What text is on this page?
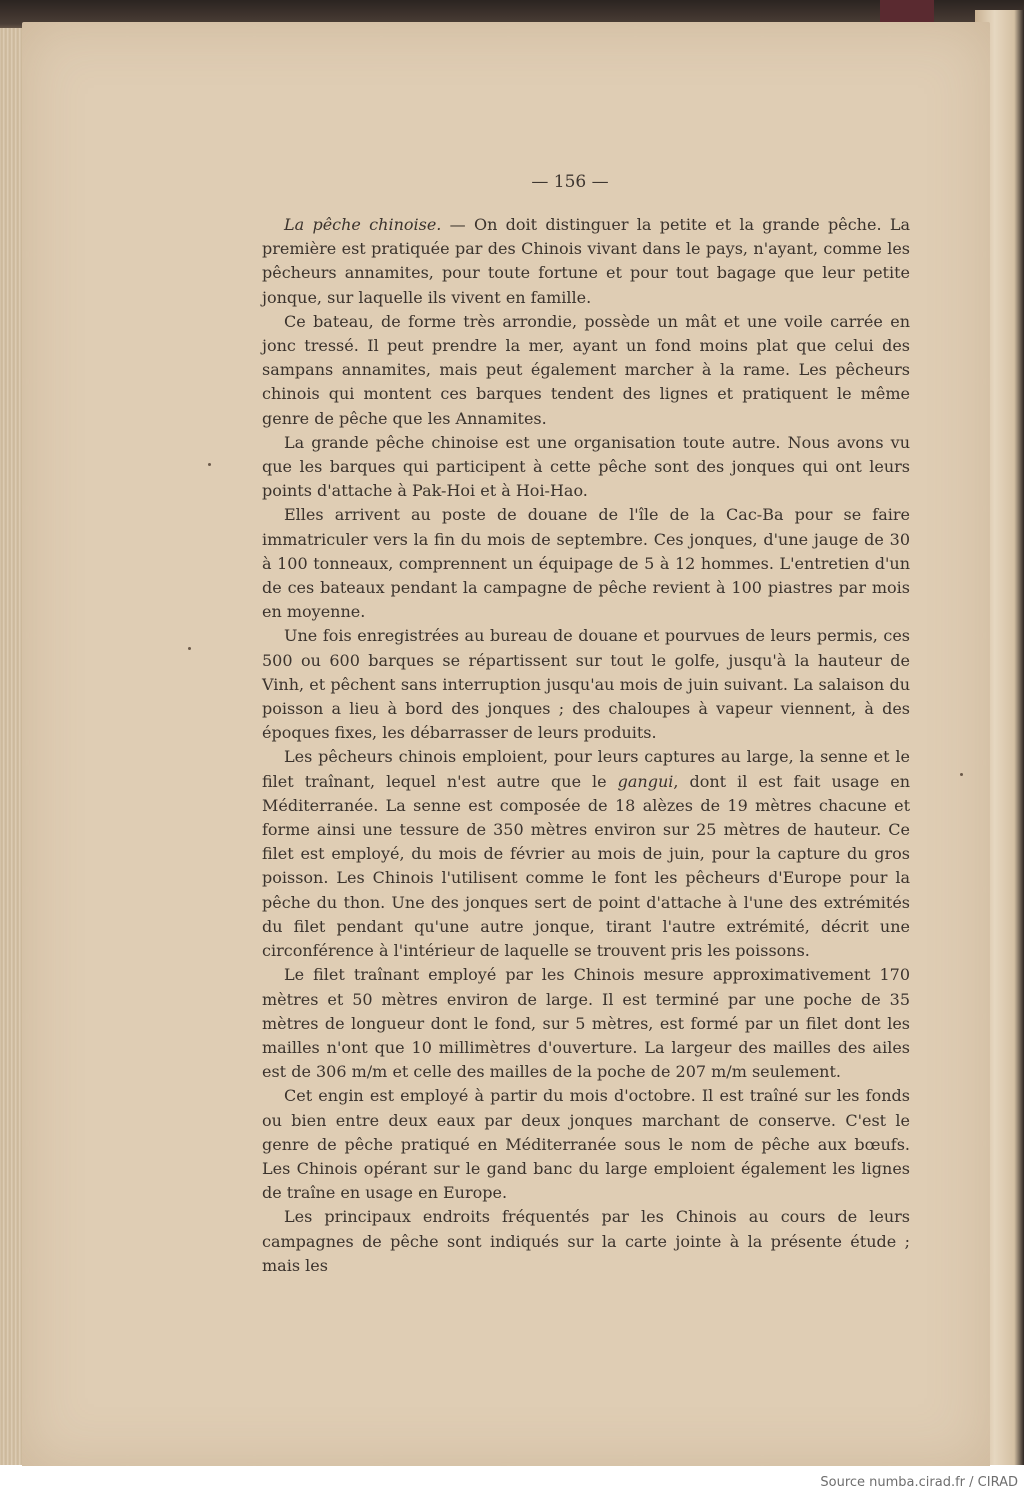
— 156 —

La pêche chinoise. — On doit distinguer la petite et la grande pêche. La première est pratiquée par des Chinois vivant dans le pays, n'ayant, comme les pêcheurs annamites, pour toute fortune et pour tout bagage que leur petite jonque, sur laquelle ils vivent en famille.

Ce bateau, de forme très arrondie, possède un mât et une voile carrée en jonc tressé. Il peut prendre la mer, ayant un fond moins plat que celui des sampans annamites, mais peut également marcher à la rame. Les pêcheurs chinois qui montent ces barques tendent des lignes et pratiquent le même genre de pêche que les Annamites.

La grande pêche chinoise est une organisation toute autre. Nous avons vu que les barques qui participent à cette pêche sont des jonques qui ont leurs points d'attache à Pak-Hoi et à Hoi-Hao.

Elles arrivent au poste de douane de l'île de la Cac-Ba pour se faire immatriculer vers la fin du mois de septembre. Ces jonques, d'une jauge de 30 à 100 tonneaux, comprennent un équipage de 5 à 12 hommes. L'entretien d'un de ces bateaux pendant la campagne de pêche revient à 100 piastres par mois en moyenne.

Une fois enregistrées au bureau de douane et pourvues de leurs permis, ces 500 ou 600 barques se répartissent sur tout le golfe, jusqu'à la hauteur de Vinh, et pêchent sans interruption jusqu'au mois de juin suivant. La salaison du poisson a lieu à bord des jonques ; des chaloupes à vapeur viennent, à des époques fixes, les débarrasser de leurs produits.

Les pêcheurs chinois emploient, pour leurs captures au large, la senne et le filet traînant, lequel n'est autre que le gangui, dont il est fait usage en Méditerranée. La senne est composée de 18 alèzes de 19 mètres chacune et forme ainsi une tessure de 350 mètres environ sur 25 mètres de hauteur. Ce filet est employé, du mois de février au mois de juin, pour la capture du gros poisson. Les Chinois l'utilisent comme le font les pêcheurs d'Europe pour la pêche du thon. Une des jonques sert de point d'attache à l'une des extrémités du filet pendant qu'une autre jonque, tirant l'autre extrémité, décrit une circonférence à l'intérieur de laquelle se trouvent pris les poissons.

Le filet traînant employé par les Chinois mesure approximativement 170 mètres et 50 mètres environ de large. Il est terminé par une poche de 35 mètres de longueur dont le fond, sur 5 mètres, est formé par un filet dont les mailles n'ont que 10 millimètres d'ouverture. La largeur des mailles des ailes est de 306 m/m et celle des mailles de la poche de 207 m/m seulement.

Cet engin est employé à partir du mois d'octobre. Il est traîné sur les fonds ou bien entre deux eaux par deux jonques marchant de conserve. C'est le genre de pêche pratiqué en Méditerranée sous le nom de pêche aux bœufs. Les Chinois opérant sur le gand banc du large emploient également les lignes de traîne en usage en Europe.

Les principaux endroits fréquentés par les Chinois au cours de leurs campagnes de pêche sont indiqués sur la carte jointe à la présente étude ; mais les

Source numba.cirad.fr / CIRAD
